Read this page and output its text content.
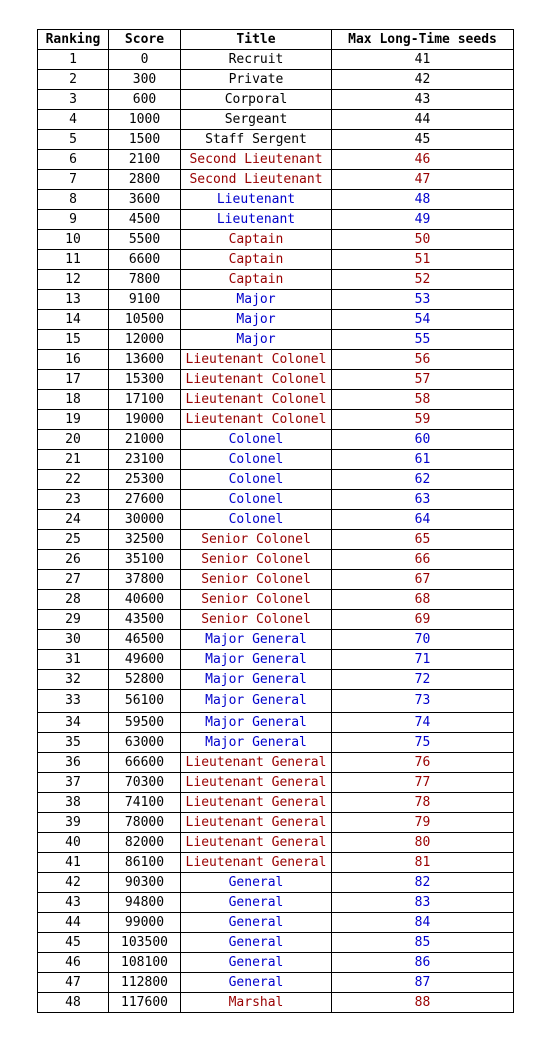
Ranking	Score	Title	Max Long-Time seeds
1	0	Recruit	41
2	300	Private	42
3	600	Corporal	43
4	1000	Sergeant	44
5	1500	Staff Sergent	45
6	2100	Second Lieutenant	46
7	2800	Second Lieutenant	47
8	3600	Lieutenant	48
9	4500	Lieutenant	49
10	5500	Captain	50
11	6600	Captain	51
12	7800	Captain	52
13	9100	Major	53
14	10500	Major	54
15	12000	Major	55
16	13600	Lieutenant Colonel	56
17	15300	Lieutenant Colonel	57
18	17100	Lieutenant Colonel	58
19	19000	Lieutenant Colonel	59
20	21000	Colonel	60
21	23100	Colonel	61
22	25300	Colonel	62
23	27600	Colonel	63
24	30000	Colonel	64
25	32500	Senior Colonel	65
26	35100	Senior Colonel	66
27	37800	Senior Colonel	67
28	40600	Senior Colonel	68
29	43500	Senior Colonel	69
30	46500	Major General	70
31	49600	Major General	71
32	52800	Major General	72
33	56100	Major General	73
34	59500	Major General	74
35	63000	Major General	75
36	66600	Lieutenant General	76
37	70300	Lieutenant General	77
38	74100	Lieutenant General	78
39	78000	Lieutenant General	79
40	82000	Lieutenant General	80
41	86100	Lieutenant General	81
42	90300	General	82
43	94800	General	83
44	99000	General	84
45	103500	General	85
46	108100	General	86
47	112800	General	87
48	117600	Marshal	88
